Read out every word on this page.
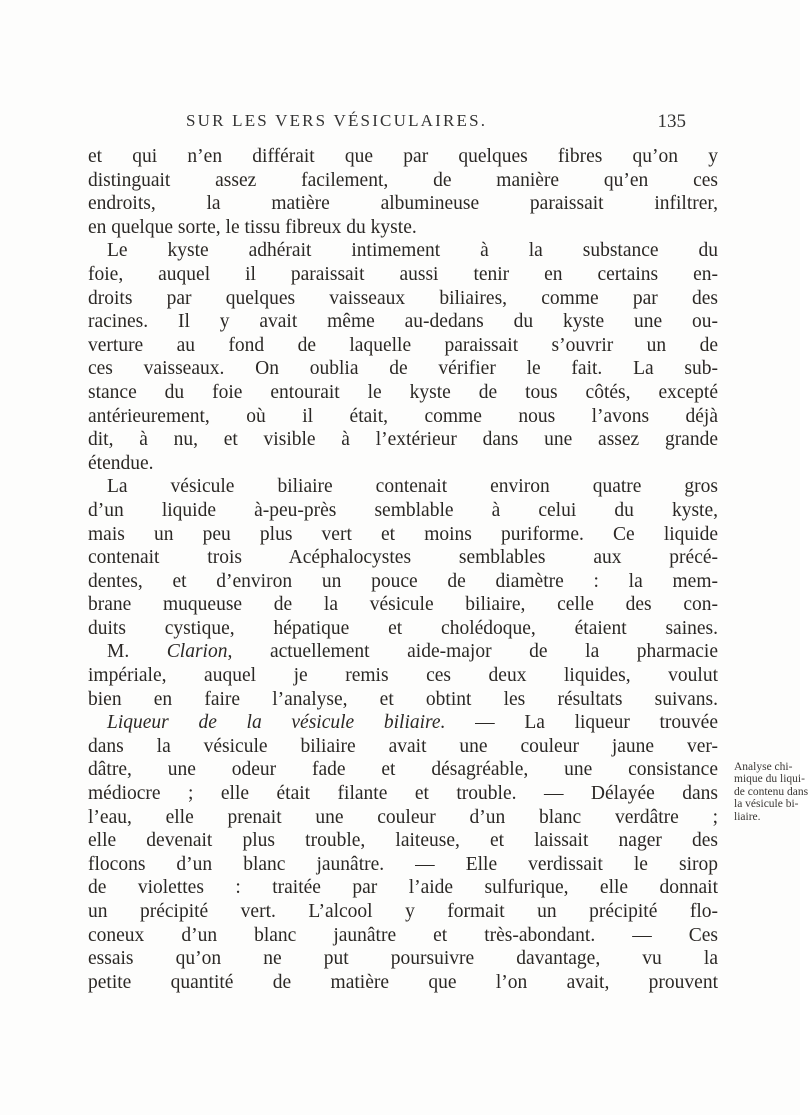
SUR LES VERS VÉSICULAIRES.	135
et qui n’en différait que par quelques fibres qu’on y
distinguait assez facilement, de manière qu’en ces
endroits, la matière albumineuse paraissait infiltrer,
en quelque sorte, le tissu fibreux du kyste.
Le kyste adhérait intimement à la substance du
foie, auquel il paraissait aussi tenir en certains en-
droits par quelques vaisseaux biliaires, comme par des
racines. Il y avait même au-dedans du kyste une ou-
verture au fond de laquelle paraissait s’ouvrir un de
ces vaisseaux. On oublia de vérifier le fait. La sub-
stance du foie entourait le kyste de tous côtés, excepté
antérieurement, où il était, comme nous l’avons déjà
dit, à nu, et visible à l’extérieur dans une assez grande
étendue.
La vésicule biliaire contenait environ quatre gros
d’un liquide à-peu-près semblable à celui du kyste,
mais un peu plus vert et moins puriforme. Ce liquide
contenait trois Acéphalocystes semblables aux précé-
dentes, et d’environ un pouce de diamètre : la mem-
brane muqueuse de la vésicule biliaire, celle des con-
duits cystique, hépatique et cholédoque, étaient saines.
M. Clarion, actuellement aide-major de la pharmacie
impériale, auquel je remis ces deux liquides, voulut
bien en faire l’analyse, et obtint les résultats suivans.
Liqueur de la vésicule biliaire. — La liqueur trouvée
dans la vésicule biliaire avait une couleur jaune ver-
dâtre, une odeur fade et désagréable, une consistance
médiocre ; elle était filante et trouble. — Délayée dans
l’eau, elle prenait une couleur d’un blanc verdâtre ;
elle devenait plus trouble, laiteuse, et laissait nager des
flocons d’un blanc jaunâtre. — Elle verdissait le sirop
de violettes : traitée par l’aide sulfurique, elle donnait
un précipité vert. L’alcool y formait un précipité flo-
coneux d’un blanc jaunâtre et très-abondant. — Ces
essais qu’on ne put poursuivre davantage, vu la
petite quantité de matière que l’on avait, prouvent
Analyse chi-
mique du liqui-
de contenu dans
la vésicule bi-
liaire.
